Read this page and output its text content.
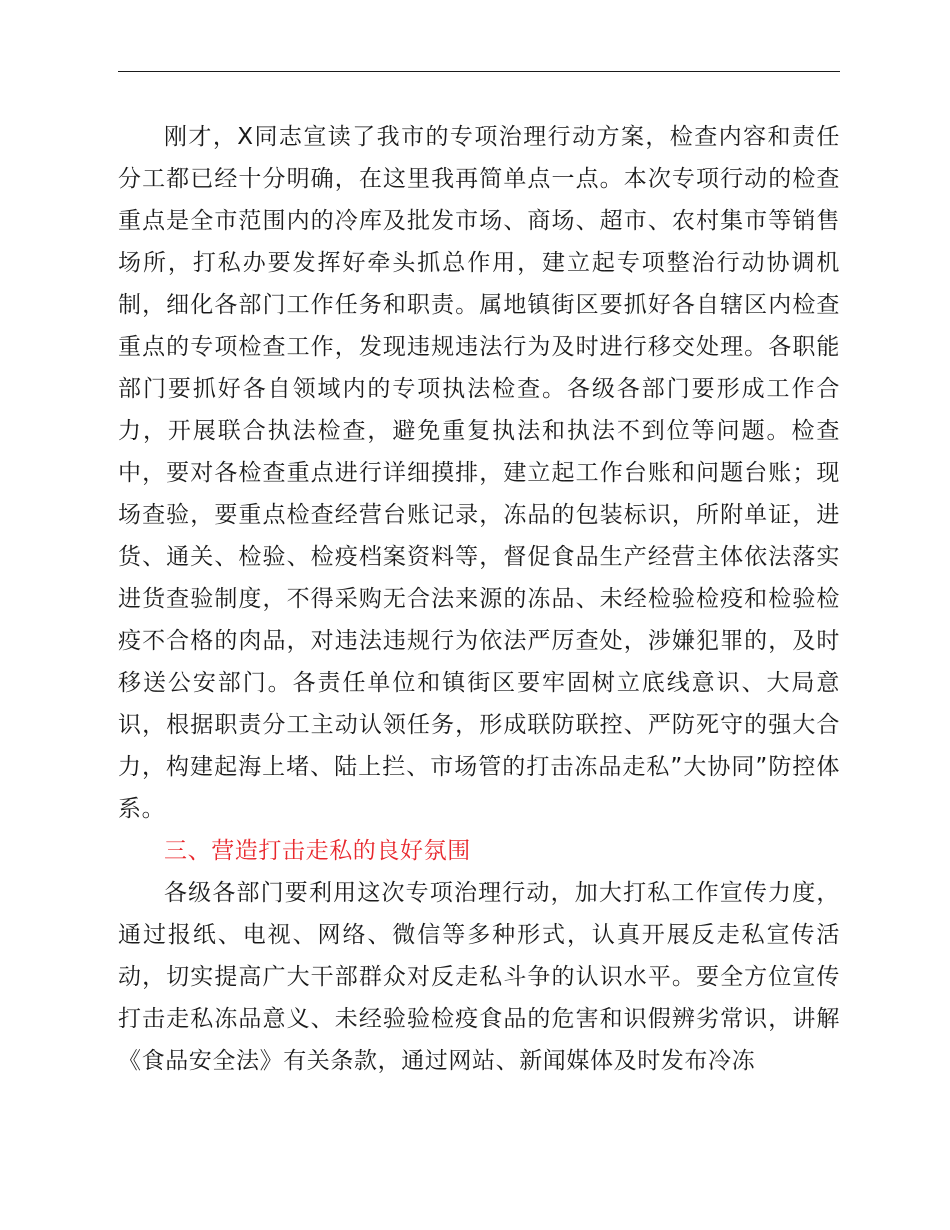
刚才，X同志宣读了我市的专项治理行动方案，检查内容和责任分工都已经十分明确，在这里我再简单点一点。本次专项行动的检查重点是全市范围内的冷库及批发市场、商场、超市、农村集市等销售场所，打私办要发挥好牵头抓总作用，建立起专项整治行动协调机制，细化各部门工作任务和职责。属地镇街区要抓好各自辖区内检查重点的专项检查工作，发现违规违法行为及时进行移交处理。各职能部门要抓好各自领域内的专项执法检查。各级各部门要形成工作合力，开展联合执法检查，避免重复执法和执法不到位等问题。检查中，要对各检查重点进行详细摸排，建立起工作台账和问题台账；现场查验，要重点检查经营台账记录，冻品的包装标识，所附单证，进货、通关、检验、检疫档案资料等，督促食品生产经营主体依法落实进货查验制度，不得采购无合法来源的冻品、未经检验检疫和检验检疫不合格的肉品，对违法违规行为依法严厉查处，涉嫌犯罪的，及时移送公安部门。各责任单位和镇街区要牢固树立底线意识、大局意识，根据职责分工主动认领任务，形成联防联控、严防死守的强大合力，构建起海上堵、陆上拦、市场管的打击冻品走私”大协同”防控体系。

三、营造打击走私的良好氛围

各级各部门要利用这次专项治理行动，加大打私工作宣传力度，通过报纸、电视、网络、微信等多种形式，认真开展反走私宣传活动，切实提高广大干部群众对反走私斗争的认识水平。要全方位宣传打击走私冻品意义、未经验验检疫食品的危害和识假辨劣常识，讲解《食品安全法》有关条款，通过网站、新闻媒体及时发布冷冻
